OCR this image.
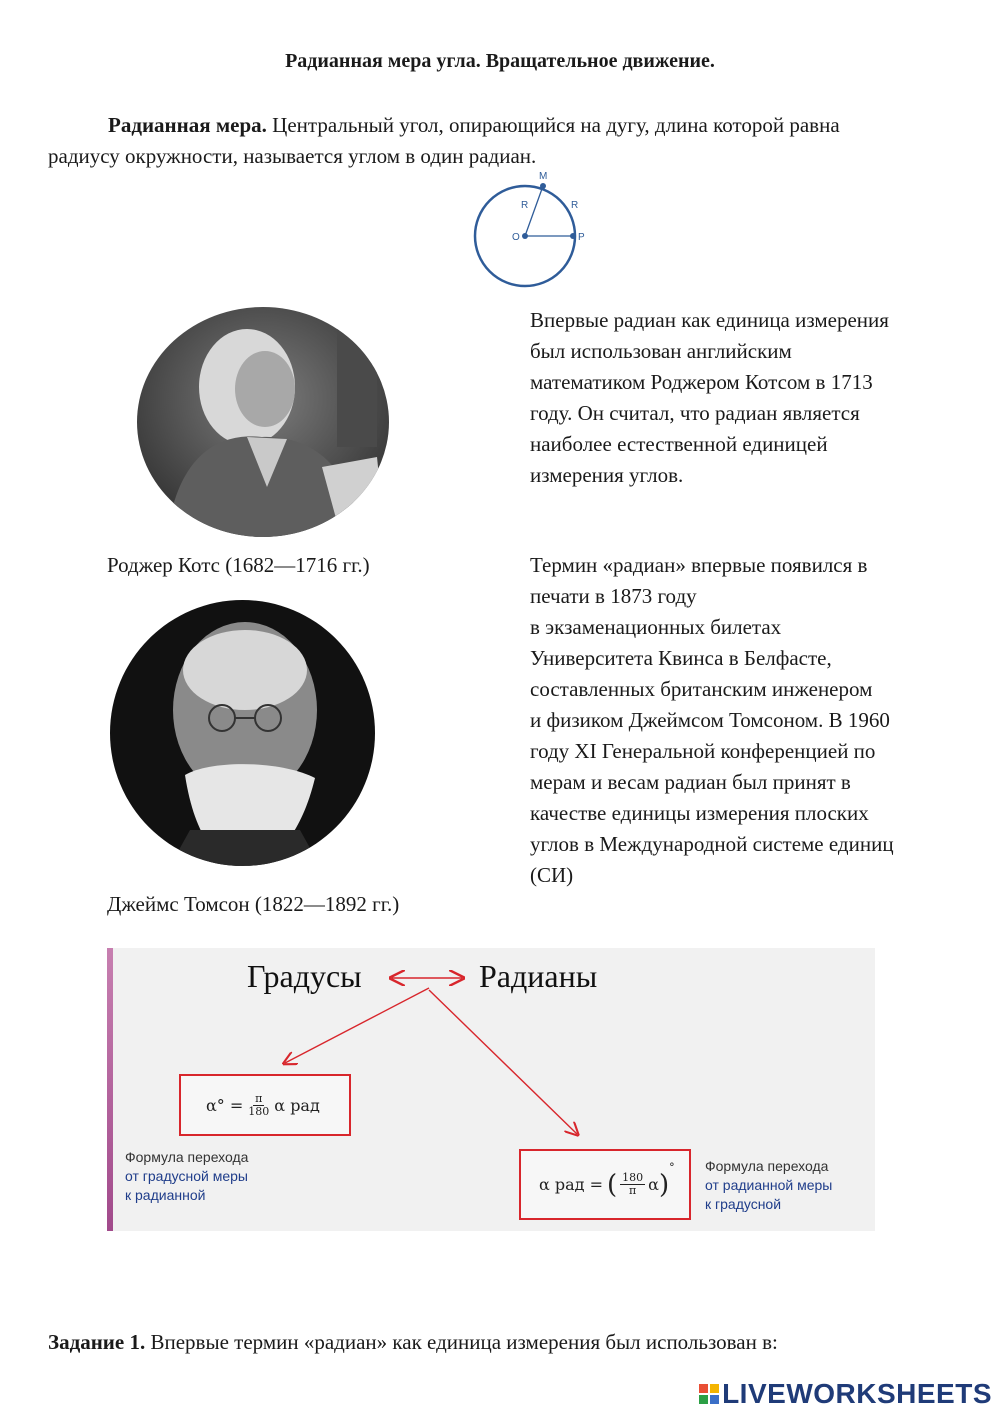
Радианная мера угла. Вращательное движение.
Радианная мера. Центральный угол, опирающийся на дугу, длина которой равна
радиусу окружности, называется углом в один радиан.
M
R	R
O	P
Впервые радиан как единица измерения
был использован английским
математиком Роджером Котсом в 1713
году. Он считал, что радиан является
наиболее естественной единицей
измерения углов.
Роджер Котс (1682—1716 гг.)	Термин «радиан» впервые появился в
печати в 1873 году
в экзаменационных билетах
Университета Квинса в Белфасте,
составленных британским инженером
и физиком Джеймсом Томсоном. В 1960
году XI Генеральной конференцией по
мерам и весам радиан был принят в
качестве единицы измерения плоских
углов в Международной системе единиц
(СИ)
Джеймс Томсон (1822—1892 гг.)
Градусы	Радианы
$\alpha^\circ = \frac{\pi}{180}$ α рад
α рад = ( $\frac{180}{\pi}$ α )
°
Формула перехода
от градусной меры
к радианной
Формула перехода
от радианной меры
к градусной
Задание 1. Впервые термин «радиан» как единица измерения был использован в:
LIVEWORKSHEETS
